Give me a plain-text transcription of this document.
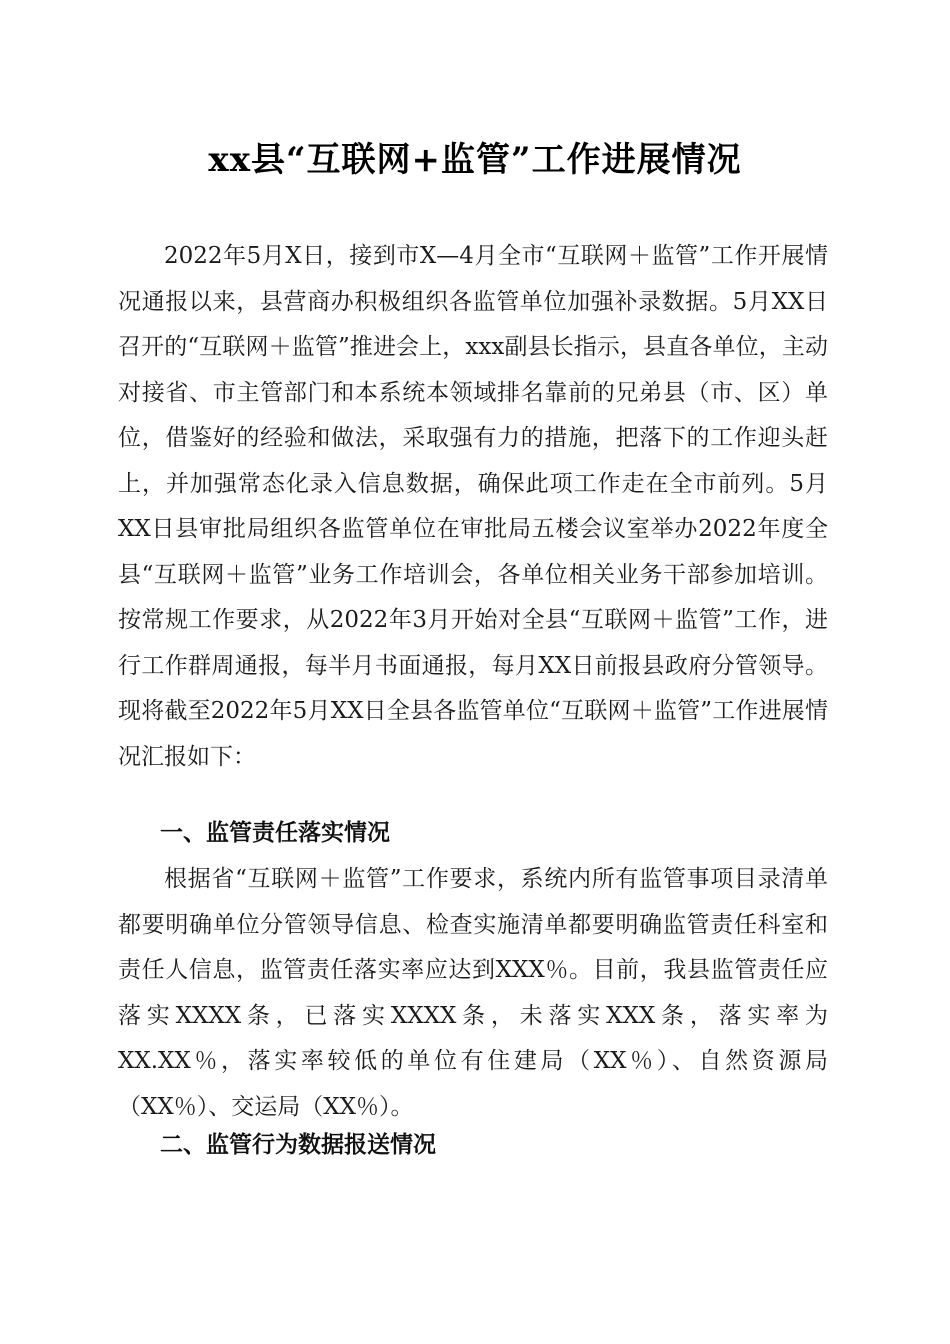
xx县“互联网+监管”工作进展情况

2022年5月X日，接到市X—4月全市“互联网＋监管”工作开展情况通报以来，县营商办积极组织各监管单位加强补录数据。5月XX日召开的“互联网＋监管”推进会上，xxx副县长指示，县直各单位，主动对接省、市主管部门和本系统本领域排名靠前的兄弟县（市、区）单位，借鉴好的经验和做法，采取强有力的措施，把落下的工作迎头赶上，并加强常态化录入信息数据，确保此项工作走在全市前列。5月XX日县审批局组织各监管单位在审批局五楼会议室举办2022年度全县“互联网＋监管”业务工作培训会，各单位相关业务干部参加培训。按常规工作要求，从2022年3月开始对全县“互联网＋监管”工作，进行工作群周通报，每半月书面通报，每月XX日前报县政府分管领导。现将截至2022年5月XX日全县各监管单位“互联网＋监管”工作进展情况汇报如下：

一、监管责任落实情况

根据省“互联网＋监管”工作要求，系统内所有监管事项目录清单都要明确单位分管领导信息、检查实施清单都要明确监管责任科室和责任人信息，监管责任落实率应达到XXX％。目前，我县监管责任应落实XXXX条，已落实XXXX条，未落实XXX条，落实率为XX.XX％，落实率较低的单位有住建局（XX％）、自然资源局（XX％）、交运局（XX％）。

二、监管行为数据报送情况
